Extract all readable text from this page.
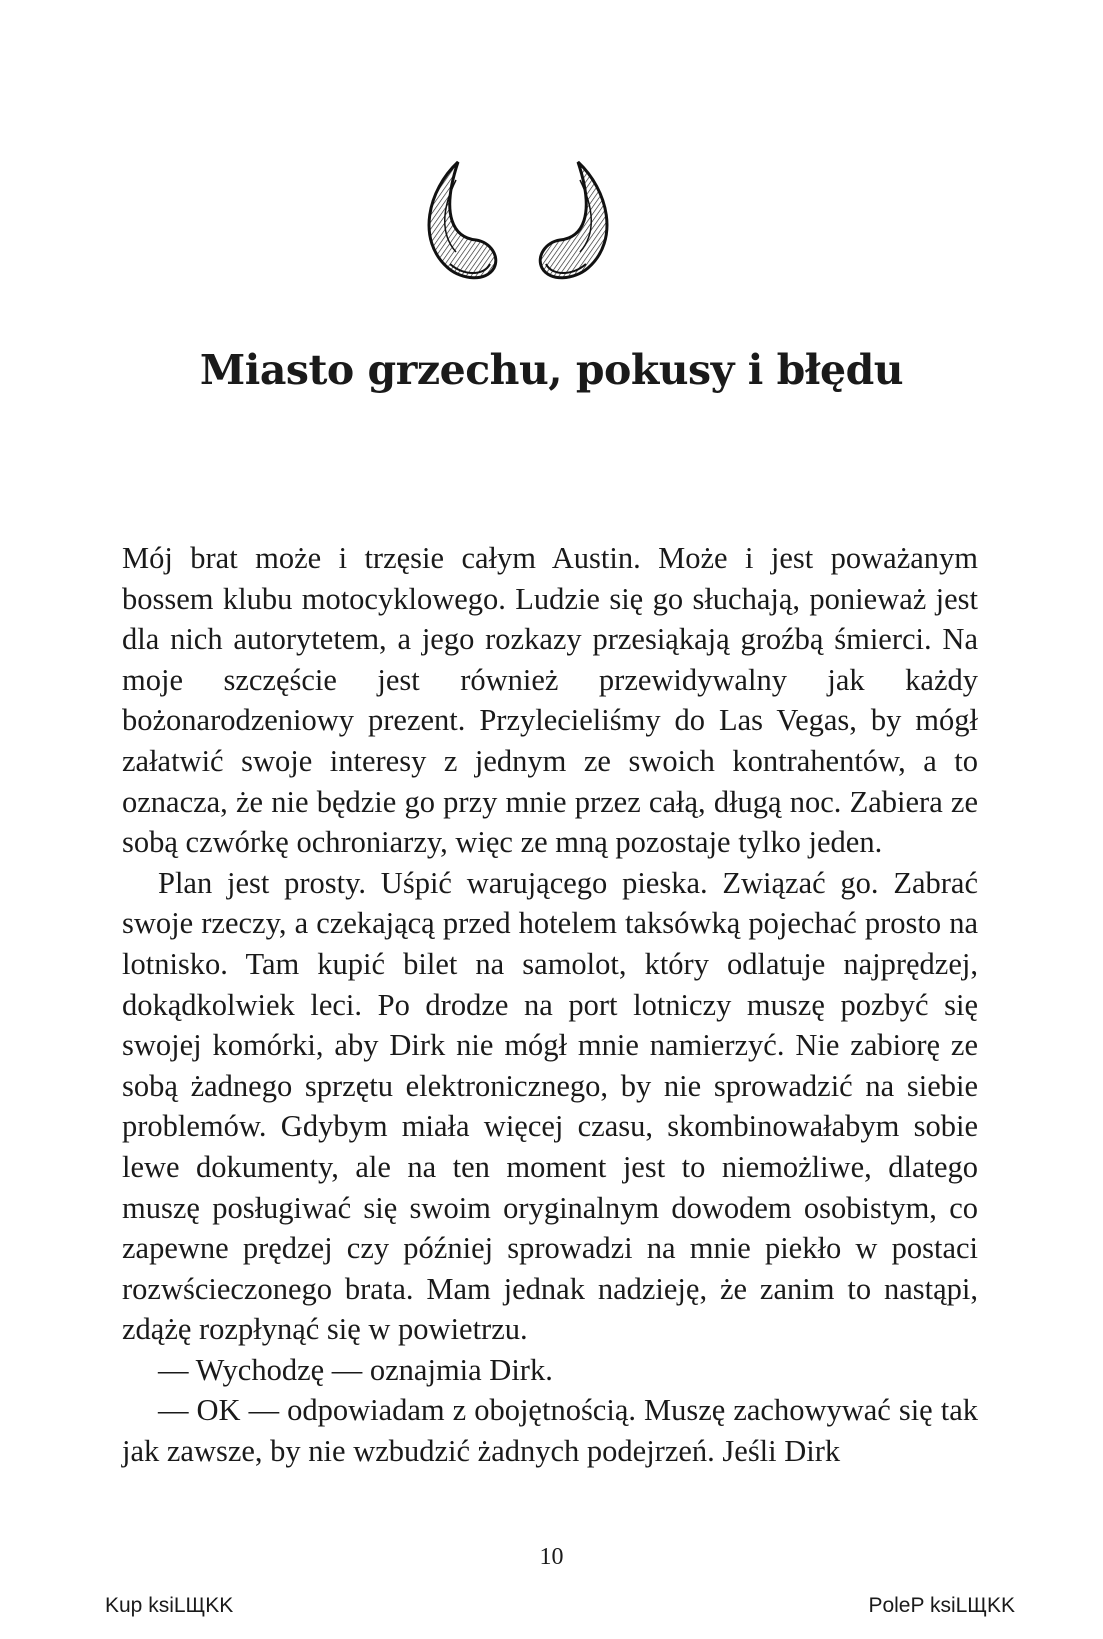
Miasto grzechu, pokusy i błędu

Mój brat może i trzęsie całym Austin. Może i jest poważanym bossem klubu motocyklowego. Ludzie się go słuchają, ponieważ jest dla nich autorytetem, a jego rozkazy przesiąkają groźbą śmierci. Na moje szczęście jest również przewidywalny jak każdy bożonarodzeniowy prezent. Przylecieliśmy do Las Vegas, by mógł załatwić swoje interesy z jednym ze swoich kontrahentów, a to oznacza, że nie będzie go przy mnie przez całą, długą noc. Zabiera ze sobą czwórkę ochroniarzy, więc ze mną pozostaje tylko jeden.

Plan jest prosty. Uśpić warującego pieska. Związać go. Zabrać swoje rzeczy, a czekającą przed hotelem taksówką pojechać prosto na lotnisko. Tam kupić bilet na samolot, który odlatuje najprędzej, dokądkolwiek leci. Po drodze na port lotniczy muszę pozbyć się swojej komórki, aby Dirk nie mógł mnie namierzyć. Nie zabiorę ze sobą żadnego sprzętu elektronicznego, by nie sprowadzić na siebie problemów. Gdybym miała więcej czasu, skombinowałabym sobie lewe dokumenty, ale na ten moment jest to niemożliwe, dlatego muszę posługiwać się swoim oryginalnym dowodem osobistym, co zapewne prędzej czy później sprowadzi na mnie piekło w postaci rozwścieczonego brata. Mam jednak nadzieję, że zanim to nastąpi, zdążę rozpłynąć się w powietrzu.

— Wychodzę — oznajmia Dirk.

— OK — odpowiadam z obojętnością. Muszę zachowywać się tak jak zawsze, by nie wzbudzić żadnych podejrzeń. Jeśli Dirk

10
Kup ksiLЩKK	PoleP ksiLЩKK
